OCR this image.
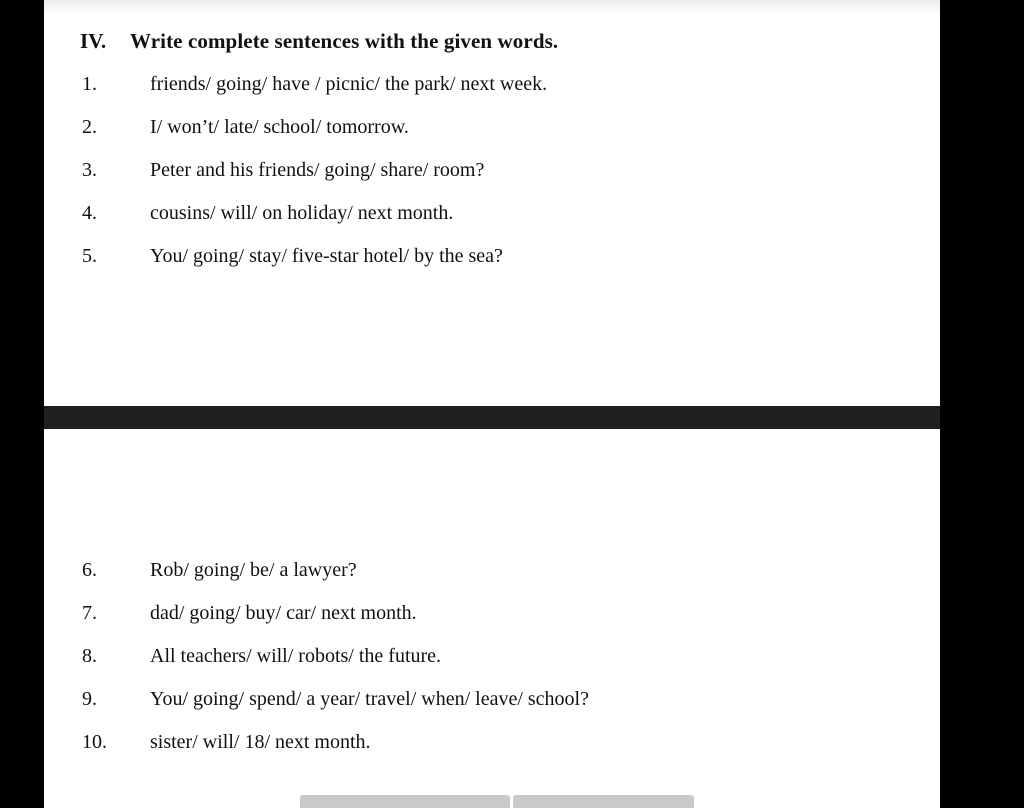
IV. Write complete sentences with the given words.
1.	friends/ going/ have / picnic/ the park/ next week.
2.	I/ won’t/ late/ school/ tomorrow.
3.	Peter and his friends/ going/ share/ room?
4.	cousins/ will/ on holiday/ next month.
5.	You/ going/ stay/ five-star hotel/ by the sea?
6.	Rob/ going/ be/ a lawyer?
7.	dad/ going/ buy/ car/ next month.
8.	All teachers/ will/ robots/ the future.
9.	You/ going/ spend/ a year/ travel/ when/ leave/ school?
10. sister/ will/ 18/ next month.
